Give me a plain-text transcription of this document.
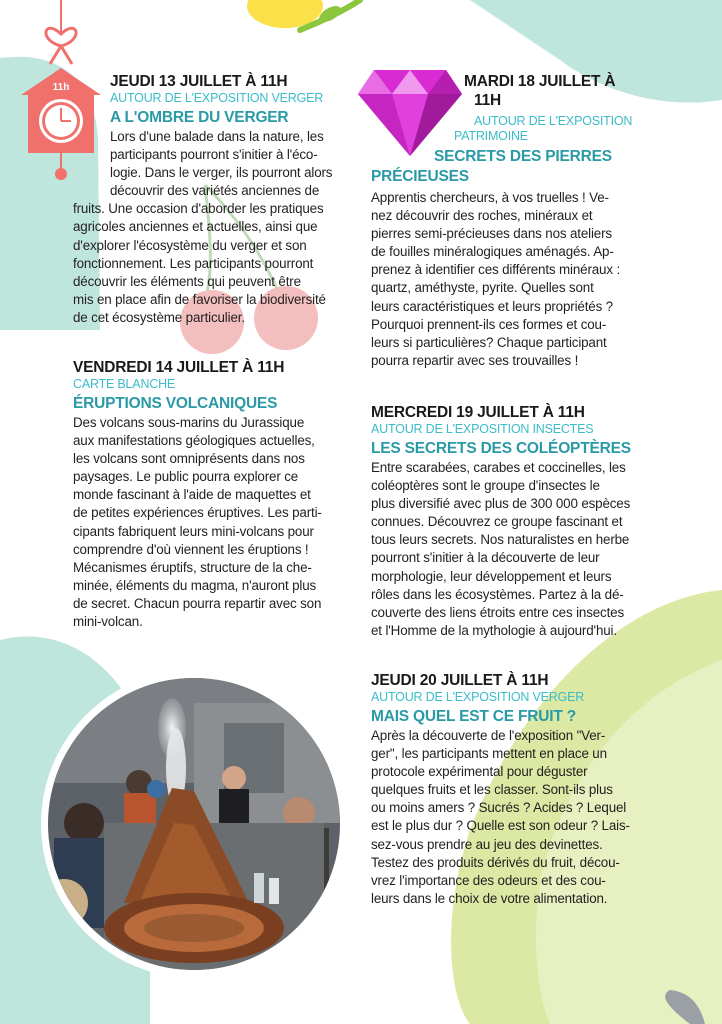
11h	JEUDI 13 JUILLET À 11H
AUTOUR DE L'EXPOSITION VERGER
A L'OMBRE DU VERGER
Lors d'une balade dans la nature, les
participants pourront s'initier à l'éco-
logie. Dans le verger, ils pourront alors
découvrir des variétés anciennes de
fruits. Une occasion d'aborder les pratiques
agricoles anciennes et actuelles, ainsi que
d'explorer l'écosystème du verger et son
fonctionnement. Les participants pourront
découvrir les éléments qui peuvent être
mis en place afin de favoriser la biodiversité
de cet écosystème particulier.
VENDREDI 14 JUILLET À 11H
CARTE BLANCHE
ÉRUPTIONS VOLCANIQUES
Des volcans sous-marins du Jurassique
aux manifestations géologiques actuelles,
les volcans sont omniprésents dans nos
paysages. Le public pourra explorer ce
monde fascinant à l'aide de maquettes et
de petites expériences éruptives. Les parti-
cipants fabriquent leurs mini-volcans pour
comprendre d'où viennent les éruptions !
Mécanismes éruptifs, structure de la che-
minée, éléments du magma, n'auront plus
de secret. Chacun pourra repartir avec son
mini-volcan.
MARDI 18 JUILLET À
11H
AUTOUR DE L'EXPOSITION
PATRIMOINE
SECRETS DES PIERRES
PRÉCIEUSES
Apprentis chercheurs, à vos truelles ! Ve-
nez découvrir des roches, minéraux et
pierres semi-précieuses dans nos ateliers
de fouilles minéralogiques aménagés. Ap-
prenez à identifier ces différents minéraux :
quartz, améthyste, pyrite. Quelles sont
leurs caractéristiques et leurs propriétés ?
Pourquoi prennent-ils ces formes et cou-
leurs si particulières? Chaque participant
pourra repartir avec ses trouvailles !
MERCREDI 19 JUILLET À 11H
AUTOUR DE L'EXPOSITION INSECTES
LES SECRETS DES COLÉOPTÈRES
Entre scarabées, carabes et coccinelles, les
coléoptères sont le groupe d'insectes le
plus diversifié avec plus de 300 000 espèces
connues. Découvrez ce groupe fascinant et
tous leurs secrets. Nos naturalistes en herbe
pourront s'initier à la découverte de leur
morphologie, leur développement et leurs
rôles dans les écosystèmes. Partez à la dé-
couverte des liens étroits entre ces insectes
et l'Homme de la mythologie à aujourd'hui.
JEUDI 20 JUILLET À 11H
AUTOUR DE L'EXPOSITION VERGER
MAIS QUEL EST CE FRUIT ?
Après la découverte de l'exposition "Ver-
ger", les participants mettent en place un
protocole expérimental pour déguster
quelques fruits et les classer. Sont-ils plus
ou moins amers ? Sucrés ? Acides ? Lequel
est le plus dur ? Quelle est son odeur ? Lais-
sez-vous prendre au jeu des devinettes.
Testez des produits dérivés du fruit, décou-
vrez l'importance des odeurs et des cou-
leurs dans le choix de votre alimentation.
